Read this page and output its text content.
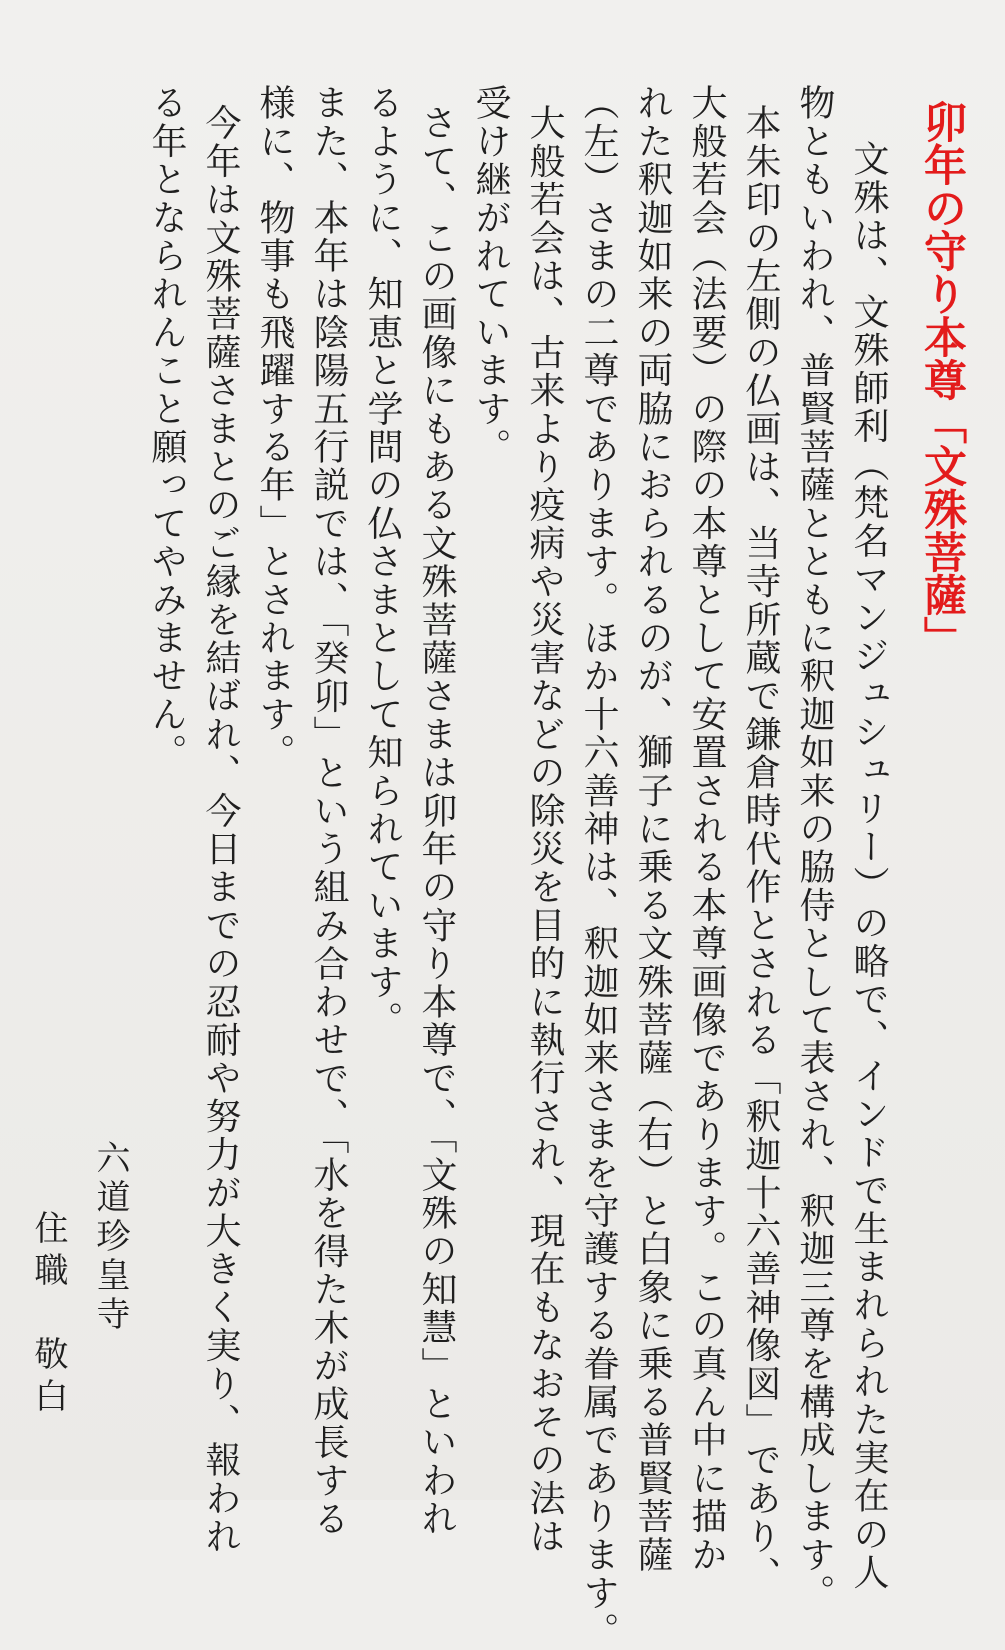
卯年の守り本尊「文殊菩薩」
文殊は、文殊師利（梵名マンジュシュリー）の略で、インドで生まれられた実在の人
物ともいわれ、普賢菩薩とともに釈迦如来の脇侍として表され、釈迦三尊を構成します。
本朱印の左側の仏画は、当寺所蔵で鎌倉時代作とされる「釈迦十六善神像図」であり、
大般若会（法要）の際の本尊として安置される本尊画像であります。この真ん中に描か
れた釈迦如来の両脇におられるのが、獅子に乗る文殊菩薩（右）と白象に乗る普賢菩薩
（左）さまの二尊であります。ほか十六善神は、釈迦如来さまを守護する眷属であります。
大般若会は、古来より疫病や災害などの除災を目的に執行され、現在もなおその法は
受け継がれています。
さて、この画像にもある文殊菩薩さまは卯年の守り本尊で、「文殊の知慧」といわれ
るように、知恵と学問の仏さまとして知られています。
また、本年は陰陽五行説では、「癸卯」という組み合わせで、「水を得た木が成長する
様に、物事も飛躍する年」とされます。
今年は文殊菩薩さまとのご縁を結ばれ、今日までの忍耐や努力が大きく実り、報われ
る年となられんこと願ってやみません。
六道珍皇寺
住職　敬白
